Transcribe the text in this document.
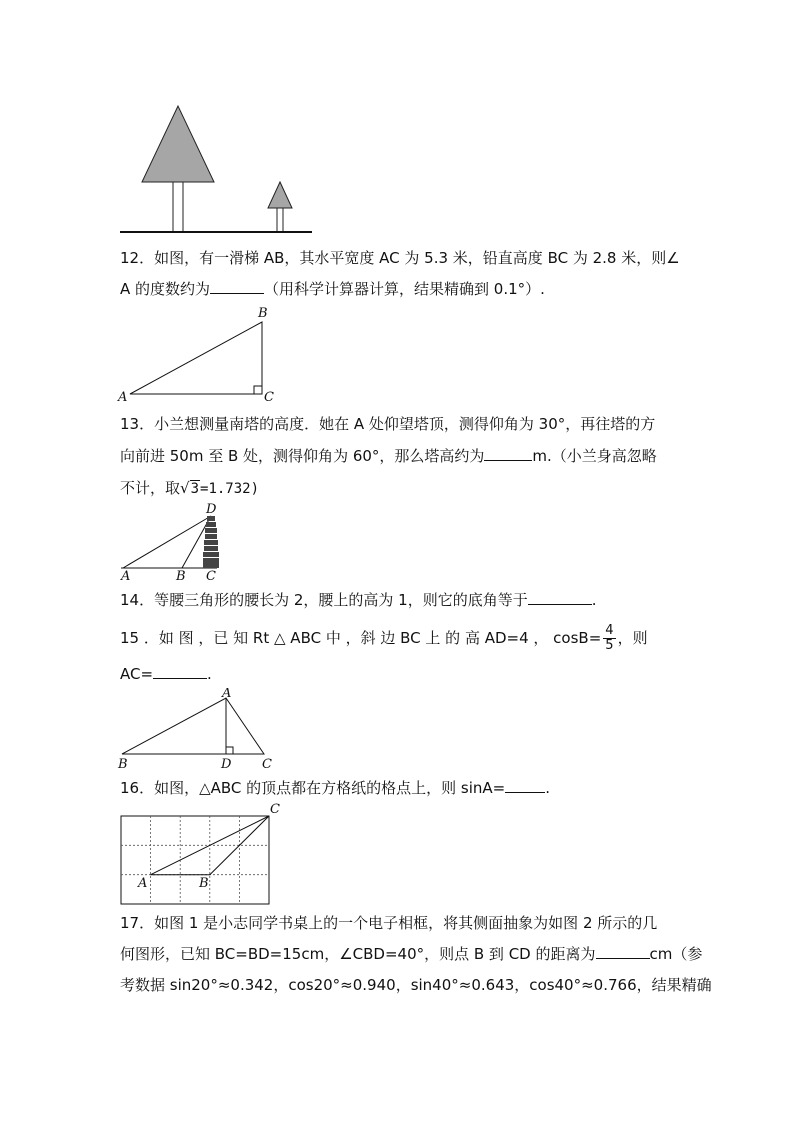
12．如图，有一滑梯 AB，其水平宽度 AC 为 5.3 米，铅直高度 BC 为 2.8 米，则∠
A 的度数约为	（用科学计算器计算，结果精确到 0.1°）.
A
B
C
13．小兰想测量南塔的高度．她在 A 处仰望塔顶，测得仰角为 30°，再往塔的方
向前进 50m 至 B 处，测得仰角为 60°，那么塔高约为	m.（小兰身高忽略
不计，取√3=1.732)
D
A	B C
14．等腰三角形的腰长为 2，腰上的高为 1，则它的底角等于	.
15 ．如 图 ，已 知 Rt △ ABC 中 ，斜 边 BC 上 的 高 AD=4 ， $\cos B= \frac{4}{5}$ ，则
AC=	.
A
B	D C
16．如图，△ABC 的顶点都在方格纸的格点上，则 sinA=	.
A	B
C
17．如图 1 是小志同学书桌上的一个电子相框，将其侧面抽象为如图 2 所示的几
何图形，已知 BC=BD=15cm，∠CBD=40°，则点 B 到 CD 的距离为	cm（参
考数据 sin20°≈0.342，cos20°≈0.940，sin40°≈0.643，cos40°≈0.766，结果精确
